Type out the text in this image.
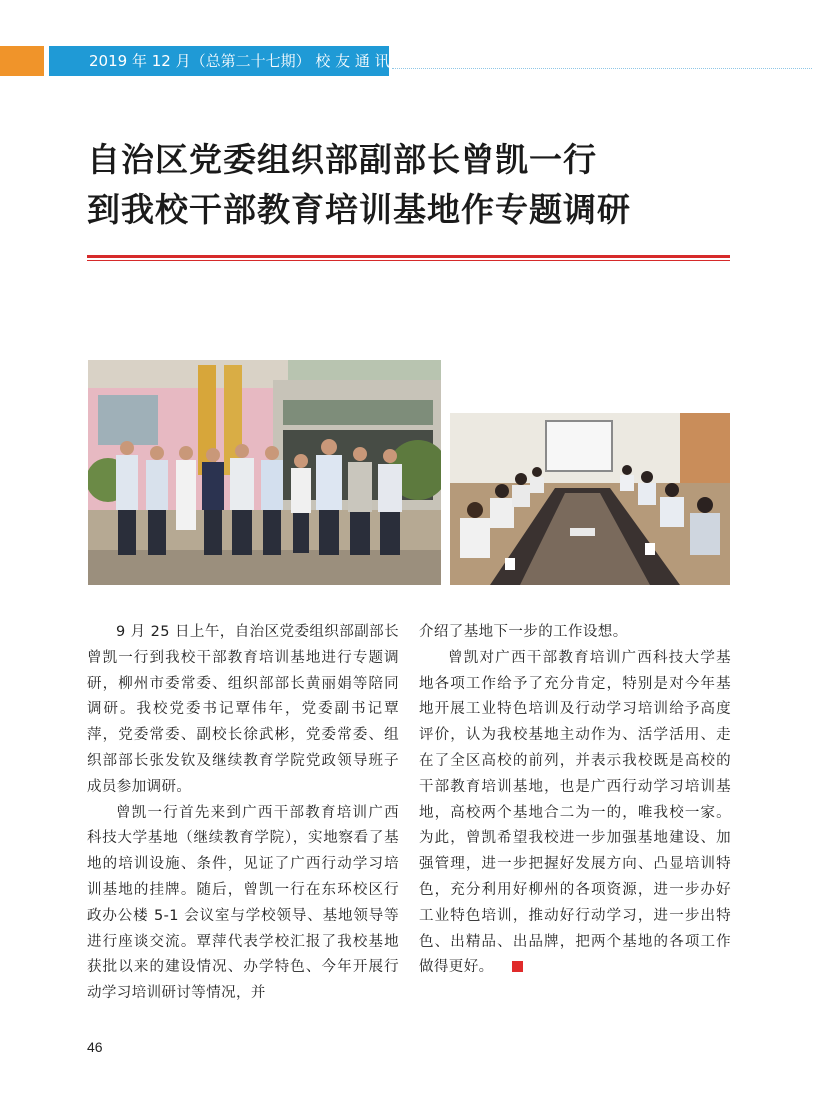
2019 年 12 月（总第二十七期） 校 友 通 讯
自治区党委组织部副部长曾凯一行
到我校干部教育培训基地作专题调研

9 月 25 日上午，自治区党委组织部副部长曾凯一行到我校干部教育培训基地进行专题调研，柳州市委常委、组织部部长黄丽娟等陪同调研。我校党委书记覃伟年，党委副书记覃萍，党委常委、副校长徐武彬，党委常委、组织部部长张发钦及继续教育学院党政领导班子成员参加调研。

曾凯一行首先来到广西干部教育培训广西科技大学基地（继续教育学院），实地察看了基地的培训设施、条件，见证了广西行动学习培训基地的挂牌。随后，曾凯一行在东环校区行政办公楼 5-1 会议室与学校领导、基地领导等进行座谈交流。覃萍代表学校汇报了我校基地获批以来的建设情况、办学特色、今年开展行动学习培训研讨等情况，并

介绍了基地下一步的工作设想。

曾凯对广西干部教育培训广西科技大学基地各项工作给予了充分肯定，特别是对今年基地开展工业特色培训及行动学习培训给予高度评价，认为我校基地主动作为、活学活用、走在了全区高校的前列，并表示我校既是高校的干部教育培训基地，也是广西行动学习培训基地，高校两个基地合二为一的，唯我校一家。为此，曾凯希望我校进一步加强基地建设、加强管理，进一步把握好发展方向、凸显培训特色，充分利用好柳州的各项资源，进一步办好工业特色培训，推动好行动学习，进一步出特色、出精品、出品牌，把两个基地的各项工作做得更好。

46
